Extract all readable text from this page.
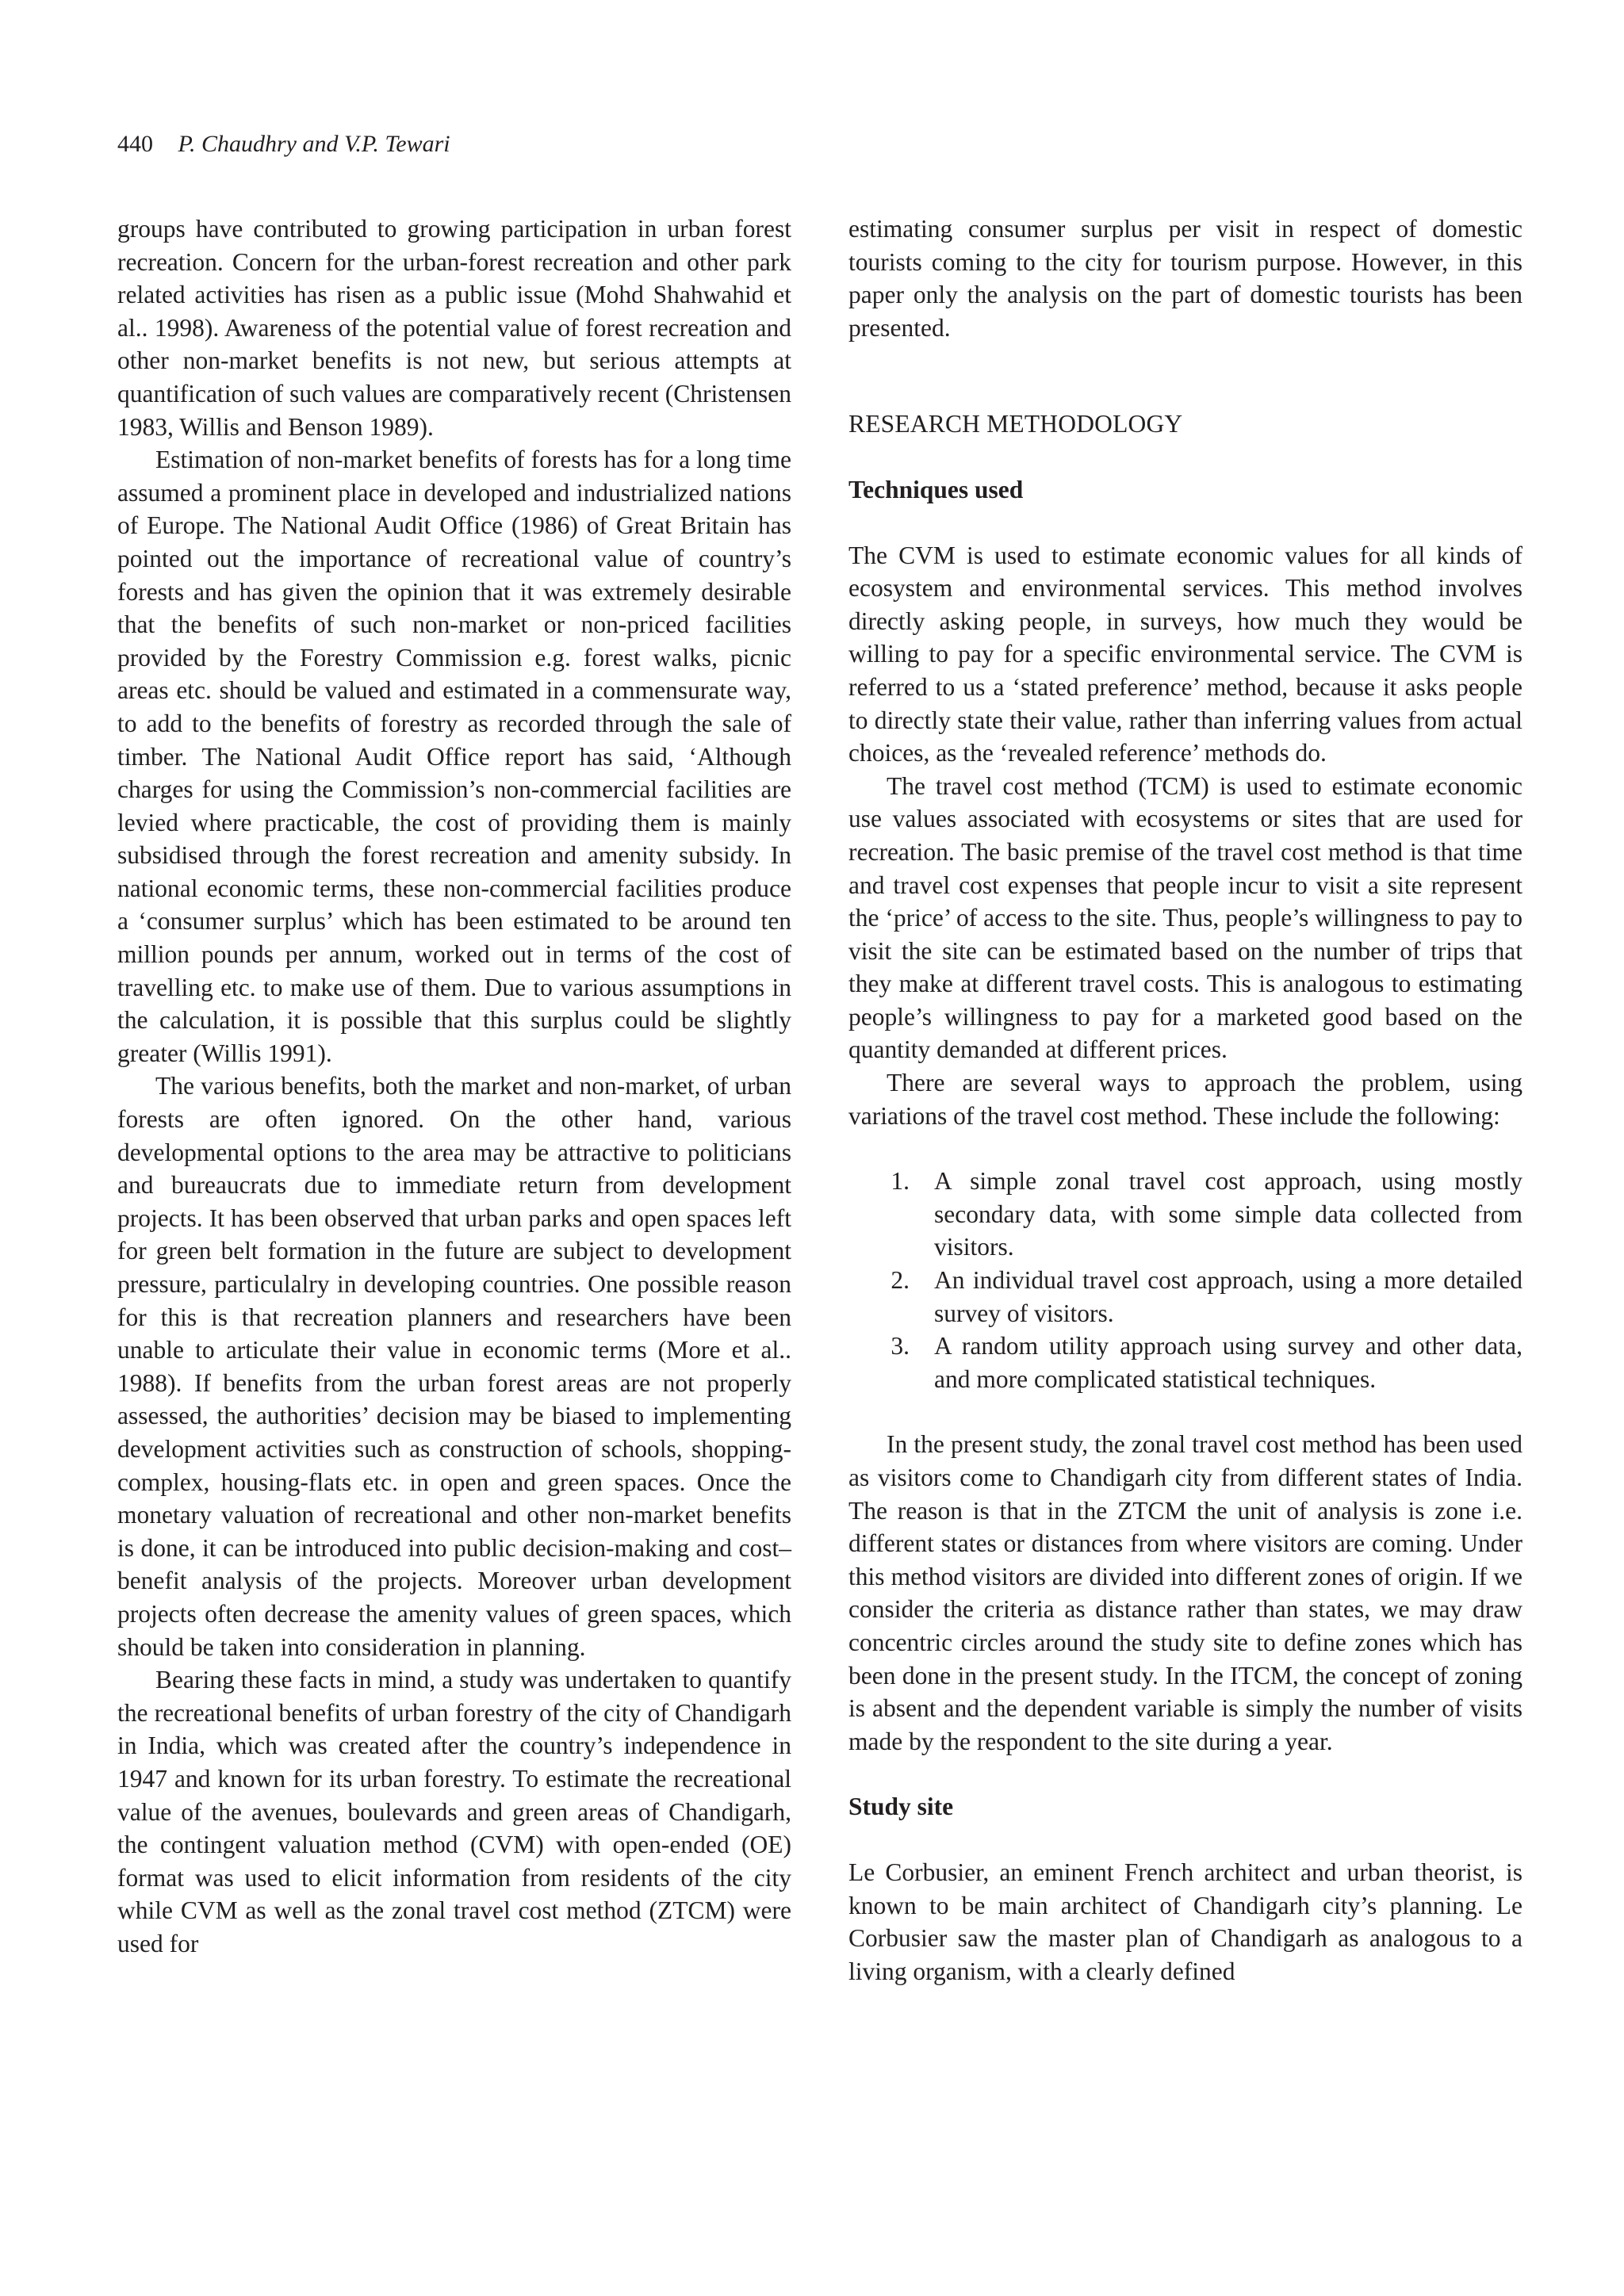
440 P. Chaudhry and V.P. Tewari

groups have contributed to growing participation in urban forest recreation. Concern for the urban-forest recreation and other park related activities has risen as a public issue (Mohd Shahwahid et al.. 1998). Awareness of the potential value of forest recreation and other non-market benefits is not new, but serious attempts at quantification of such values are comparatively recent (Christensen 1983, Willis and Benson 1989).

Estimation of non-market benefits of forests has for a long time assumed a prominent place in developed and industrialized nations of Europe. The National Audit Office (1986) of Great Britain has pointed out the importance of recreational value of country’s forests and has given the opinion that it was extremely desirable that the benefits of such non-market or non-priced facilities provided by the Forestry Commission e.g. forest walks, picnic areas etc. should be valued and estimated in a commensurate way, to add to the benefits of forestry as recorded through the sale of timber. The National Audit Office report has said, ‘Although charges for using the Commission’s non-commercial facilities are levied where practicable, the cost of providing them is mainly subsidised through the forest recreation and amenity subsidy. In national economic terms, these non-commercial facilities produce a ‘consumer surplus’ which has been estimated to be around ten million pounds per annum, worked out in terms of the cost of travelling etc. to make use of them. Due to various assumptions in the calculation, it is possible that this surplus could be slightly greater (Willis 1991).

The various benefits, both the market and non-market, of urban forests are often ignored. On the other hand, various developmental options to the area may be attractive to politicians and bureaucrats due to immediate return from development projects. It has been observed that urban parks and open spaces left for green belt formation in the future are subject to development pressure, particulalry in developing countries. One possible reason for this is that recreation planners and researchers have been unable to articulate their value in economic terms (More et al.. 1988). If benefits from the urban forest areas are not properly assessed, the authorities’ decision may be biased to implementing development activities such as construction of schools, shopping-complex, housing-flats etc. in open and green spaces. Once the monetary valuation of recreational and other non-market benefits is done, it can be introduced into public decision-making and cost–benefit analysis of the projects. Moreover urban development projects often decrease the amenity values of green spaces, which should be taken into consideration in planning.

Bearing these facts in mind, a study was undertaken to quantify the recreational benefits of urban forestry of the city of Chandigarh in India, which was created after the country’s independence in 1947 and known for its urban forestry. To estimate the recreational value of the avenues, boulevards and green areas of Chandigarh, the contingent valuation method (CVM) with open-ended (OE) format was used to elicit information from residents of the city while CVM as well as the zonal travel cost method (ZTCM) were used for

estimating consumer surplus per visit in respect of domestic tourists coming to the city for tourism purpose. However, in this paper only the analysis on the part of domestic tourists has been presented.

RESEARCH METHODOLOGY
Techniques used

The CVM is used to estimate economic values for all kinds of ecosystem and environmental services. This method involves directly asking people, in surveys, how much they would be willing to pay for a specific environmental service. The CVM is referred to us a ‘stated preference’ method, because it asks people to directly state their value, rather than inferring values from actual choices, as the ‘revealed reference’ methods do.

The travel cost method (TCM) is used to estimate economic use values associated with ecosystems or sites that are used for recreation. The basic premise of the travel cost method is that time and travel cost expenses that people incur to visit a site represent the ‘price’ of access to the site. Thus, people’s willingness to pay to visit the site can be estimated based on the number of trips that they make at different travel costs. This is analogous to estimating people’s willingness to pay for a marketed good based on the quantity demanded at different prices.

There are several ways to approach the problem, using variations of the travel cost method. These include the following:

1. A simple zonal travel cost approach, using mostly secondary data, with some simple data collected from visitors.
2. An individual travel cost approach, using a more detailed survey of visitors.
3. A random utility approach using survey and other data, and more complicated statistical techniques.

In the present study, the zonal travel cost method has been used as visitors come to Chandigarh city from different states of India. The reason is that in the ZTCM the unit of analysis is zone i.e. different states or distances from where visitors are coming. Under this method visitors are divided into different zones of origin. If we consider the criteria as distance rather than states, we may draw concentric circles around the study site to define zones which has been done in the present study. In the ITCM, the concept of zoning is absent and the dependent variable is simply the number of visits made by the respondent to the site during a year.

Study site

Le Corbusier, an eminent French architect and urban theorist, is known to be main architect of Chandigarh city’s planning. Le Corbusier saw the master plan of Chandigarh as analogous to a living organism, with a clearly defined
